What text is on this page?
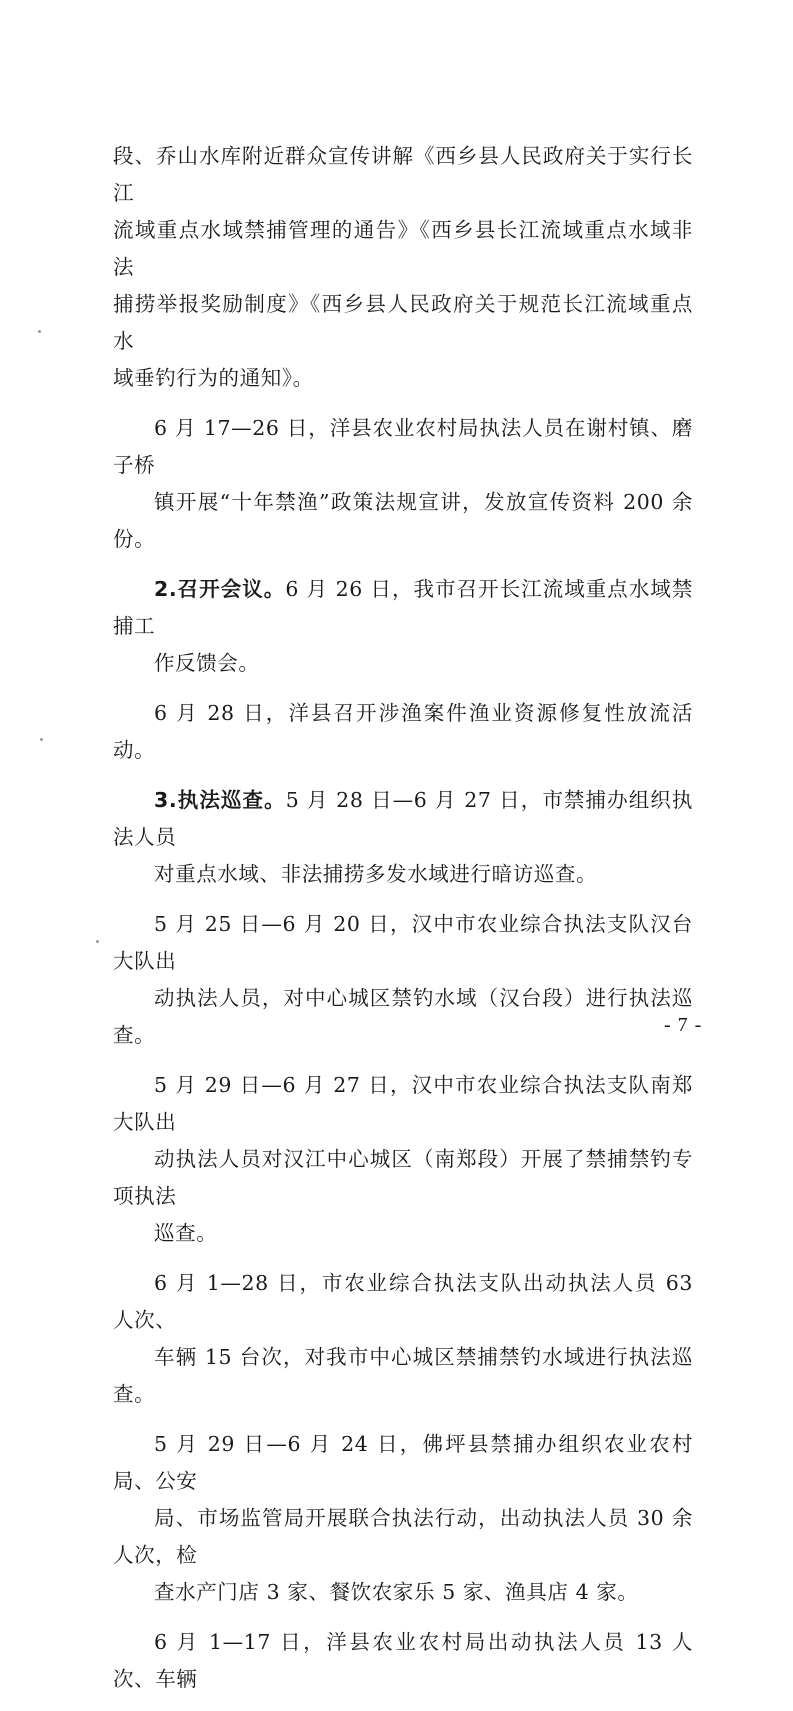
段、乔山水库附近群众宣传讲解《西乡县人民政府关于实行长江
流域重点水域禁捕管理的通告》《西乡县长江流域重点水域非法
捕捞举报奖励制度》《西乡县人民政府关于规范长江流域重点水
域垂钓行为的通知》。

6 月 17—26 日，洋县农业农村局执法人员在谢村镇、磨子桥
镇开展“十年禁渔”政策法规宣讲，发放宣传资料 200 余份。

2.召开会议。6 月 26 日，我市召开长江流域重点水域禁捕工
作反馈会。

6 月 28 日，洋县召开涉渔案件渔业资源修复性放流活动。

3.执法巡查。5 月 28 日—6 月 27 日，市禁捕办组织执法人员
对重点水域、非法捕捞多发水域进行暗访巡查。

5 月 25 日—6 月 20 日，汉中市农业综合执法支队汉台大队出
动执法人员，对中心城区禁钓水域（汉台段）进行执法巡查。

5 月 29 日—6 月 27 日，汉中市农业综合执法支队南郑大队出
动执法人员对汉江中心城区（南郑段）开展了禁捕禁钓专项执法
巡查。

6 月 1—28 日，市农业综合执法支队出动执法人员 63 人次、
车辆 15 台次，对我市中心城区禁捕禁钓水域进行执法巡查。

5 月 29 日—6 月 24 日，佛坪县禁捕办组织农业农村局、公安
局、市场监管局开展联合执法行动，出动执法人员 30 余人次，检
查水产门店 3 家、餐饮农家乐 5 家、渔具店 4 家。

6 月 1—17 日，洋县农业农村局出动执法人员 13 人次、车辆

- 7 -
